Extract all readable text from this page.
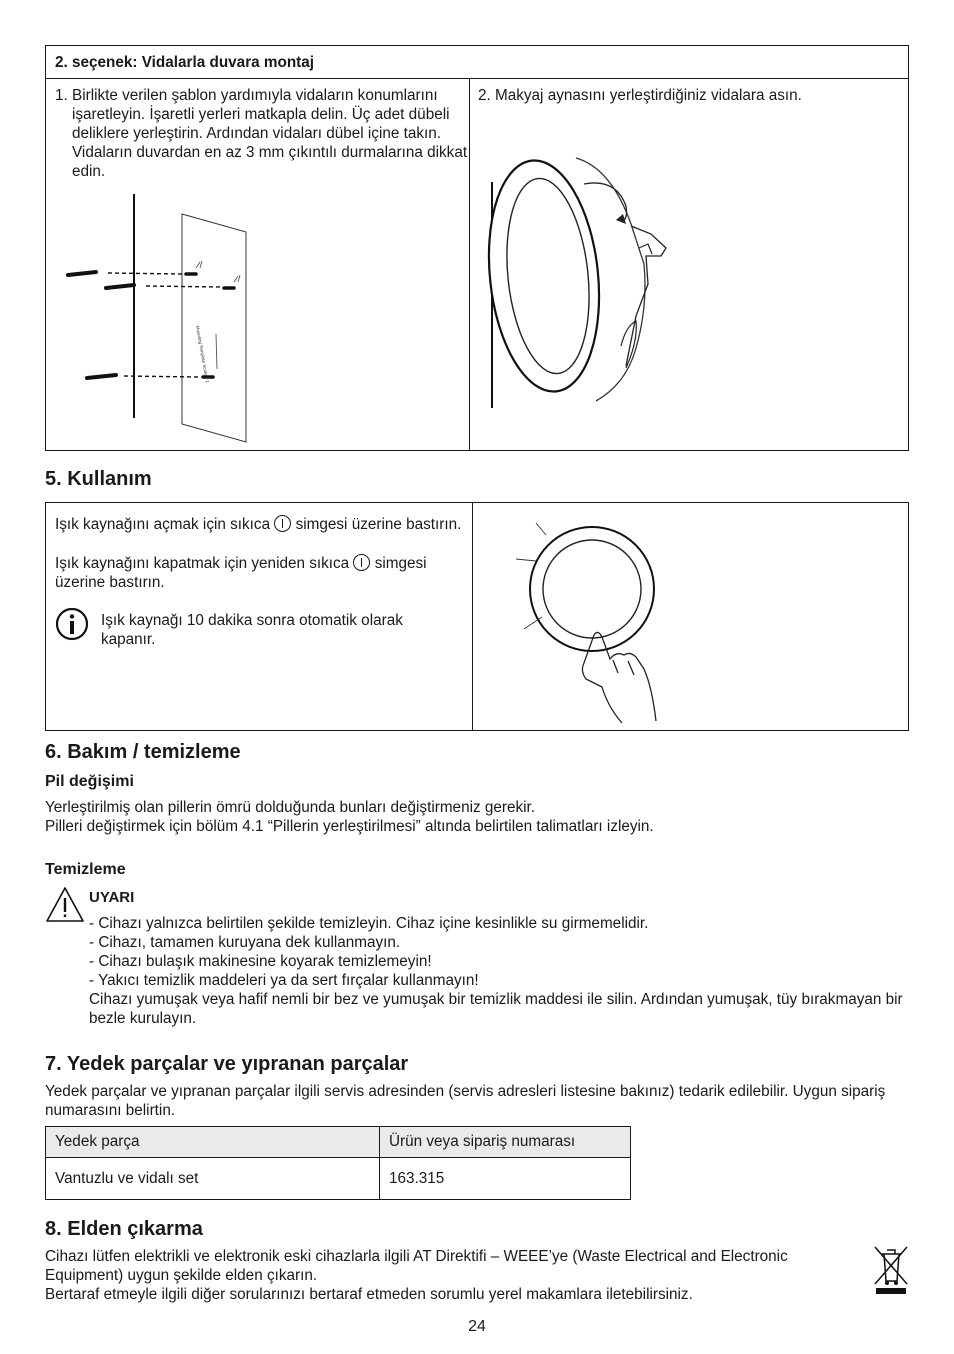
2. seçenek: Vidalarla duvara montaj
1. Birlikte verilen şablon yardımıyla vidaların konumlarını işaretleyin. İşaretli yerleri matkapla delin. Üç adet dübeli deliklere yerleştirin. Ardından vidaları dübel içine takın. Vidaların duvardan en az 3 mm çıkıntılı durmalarına dikkat edin.
2. Makyaj aynasını yerleştirdiğiniz vidalara asın.
Mounting Template Scale 1:1
5. Kullanım
Işık kaynağını açmak için sıkıca simgesi üzerine bastırın.
Işık kaynağını kapatmak için yeniden sıkıca simgesi üzerine bastırın.
Işık kaynağı 10 dakika sonra otomatik olarak kapanır.
6. Bakım / temizleme
Pil değişimi
Yerleştirilmiş olan pillerin ömrü dolduğunda bunları değiştirmeniz gerekir.
Pilleri değiştirmek için bölüm 4.1 “Pillerin yerleştirilmesi” altında belirtilen talimatları izleyin.
Temizleme
UYARI
- Cihazı yalnızca belirtilen şekilde temizleyin. Cihaz içine kesinlikle su girmemelidir.
- Cihazı, tamamen kuruyana dek kullanmayın.
- Cihazı bulaşık makinesine koyarak temizlemeyin!
- Yakıcı temizlik maddeleri ya da sert fırçalar kullanmayın!
Cihazı yumuşak veya hafif nemli bir bez ve yumuşak bir temizlik maddesi ile silin. Ardından yumuşak, tüy bırakmayan bir bezle kurulayın.
7. Yedek parçalar ve yıpranan parçalar
Yedek parçalar ve yıpranan parçalar ilgili servis adresinden (servis adresleri listesine bakınız) tedarik edilebilir. Uygun sipariş numarasını belirtin.
Yedek parça	Ürün veya sipariş numarası
Vantuzlu ve vidalı set	163.315
8. Elden çıkarma
Cihazı lütfen elektrikli ve elektronik eski cihazlarla ilgili AT Direktifi – WEEE’ye (Waste Electrical and Electronic Equipment) uygun şekilde elden çıkarın.
Bertaraf etmeyle ilgili diğer sorularınızı bertaraf etmeden sorumlu yerel makamlara iletebilirsiniz.
24
